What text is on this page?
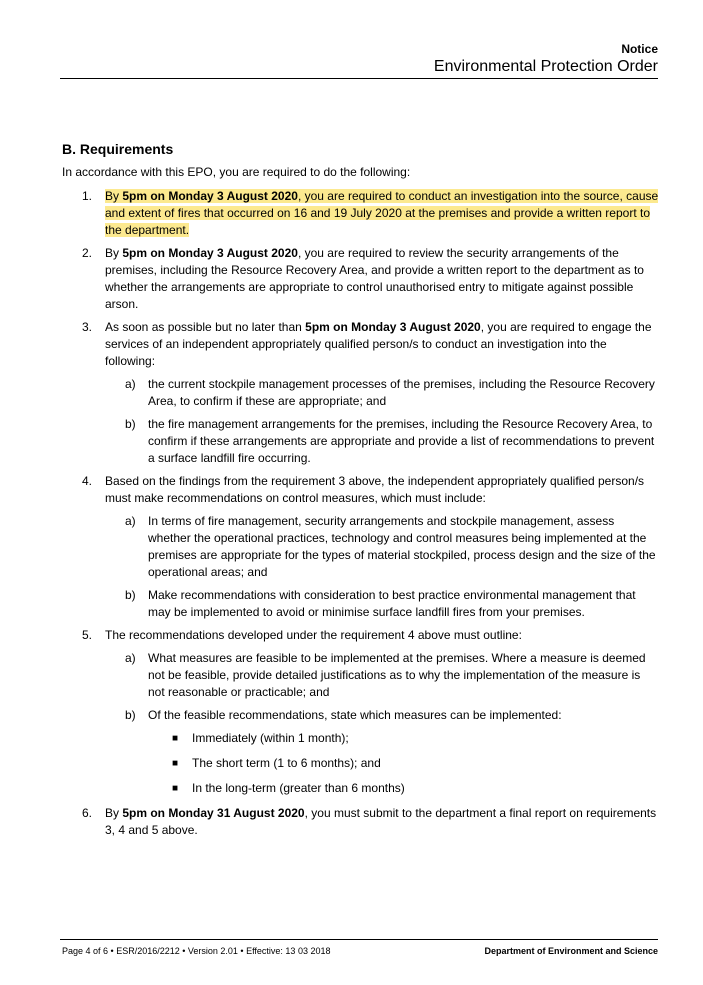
Notice
Environmental Protection Order
B. Requirements
In accordance with this EPO, you are required to do the following:
1. By 5pm on Monday 3 August 2020, you are required to conduct an investigation into the source, cause and extent of fires that occurred on 16 and 19 July 2020 at the premises and provide a written report to the department.
2. By 5pm on Monday 3 August 2020, you are required to review the security arrangements of the premises, including the Resource Recovery Area, and provide a written report to the department as to whether the arrangements are appropriate to control unauthorised entry to mitigate against possible arson.
3. As soon as possible but no later than 5pm on Monday 3 August 2020, you are required to engage the services of an independent appropriately qualified person/s to conduct an investigation into the following:
a) the current stockpile management processes of the premises, including the Resource Recovery Area, to confirm if these are appropriate; and
b) the fire management arrangements for the premises, including the Resource Recovery Area, to confirm if these arrangements are appropriate and provide a list of recommendations to prevent a surface landfill fire occurring.
4. Based on the findings from the requirement 3 above, the independent appropriately qualified person/s must make recommendations on control measures, which must include:
a) In terms of fire management, security arrangements and stockpile management, assess whether the operational practices, technology and control measures being implemented at the premises are appropriate for the types of material stockpiled, process design and the size of the operational areas; and
b) Make recommendations with consideration to best practice environmental management that may be implemented to avoid or minimise surface landfill fires from your premises.
5. The recommendations developed under the requirement 4 above must outline:
a) What measures are feasible to be implemented at the premises. Where a measure is deemed not be feasible, provide detailed justifications as to why the implementation of the measure is not reasonable or practicable; and
b) Of the feasible recommendations, state which measures can be implemented:
■ Immediately (within 1 month);
■ The short term (1 to 6 months); and
■ In the long-term (greater than 6 months)
6. By 5pm on Monday 31 August 2020, you must submit to the department a final report on requirements 3, 4 and 5 above.
Page 4 of 6 • ESR/2016/2212 • Version 2.01 • Effective: 13 03 2018	Department of Environment and Science
